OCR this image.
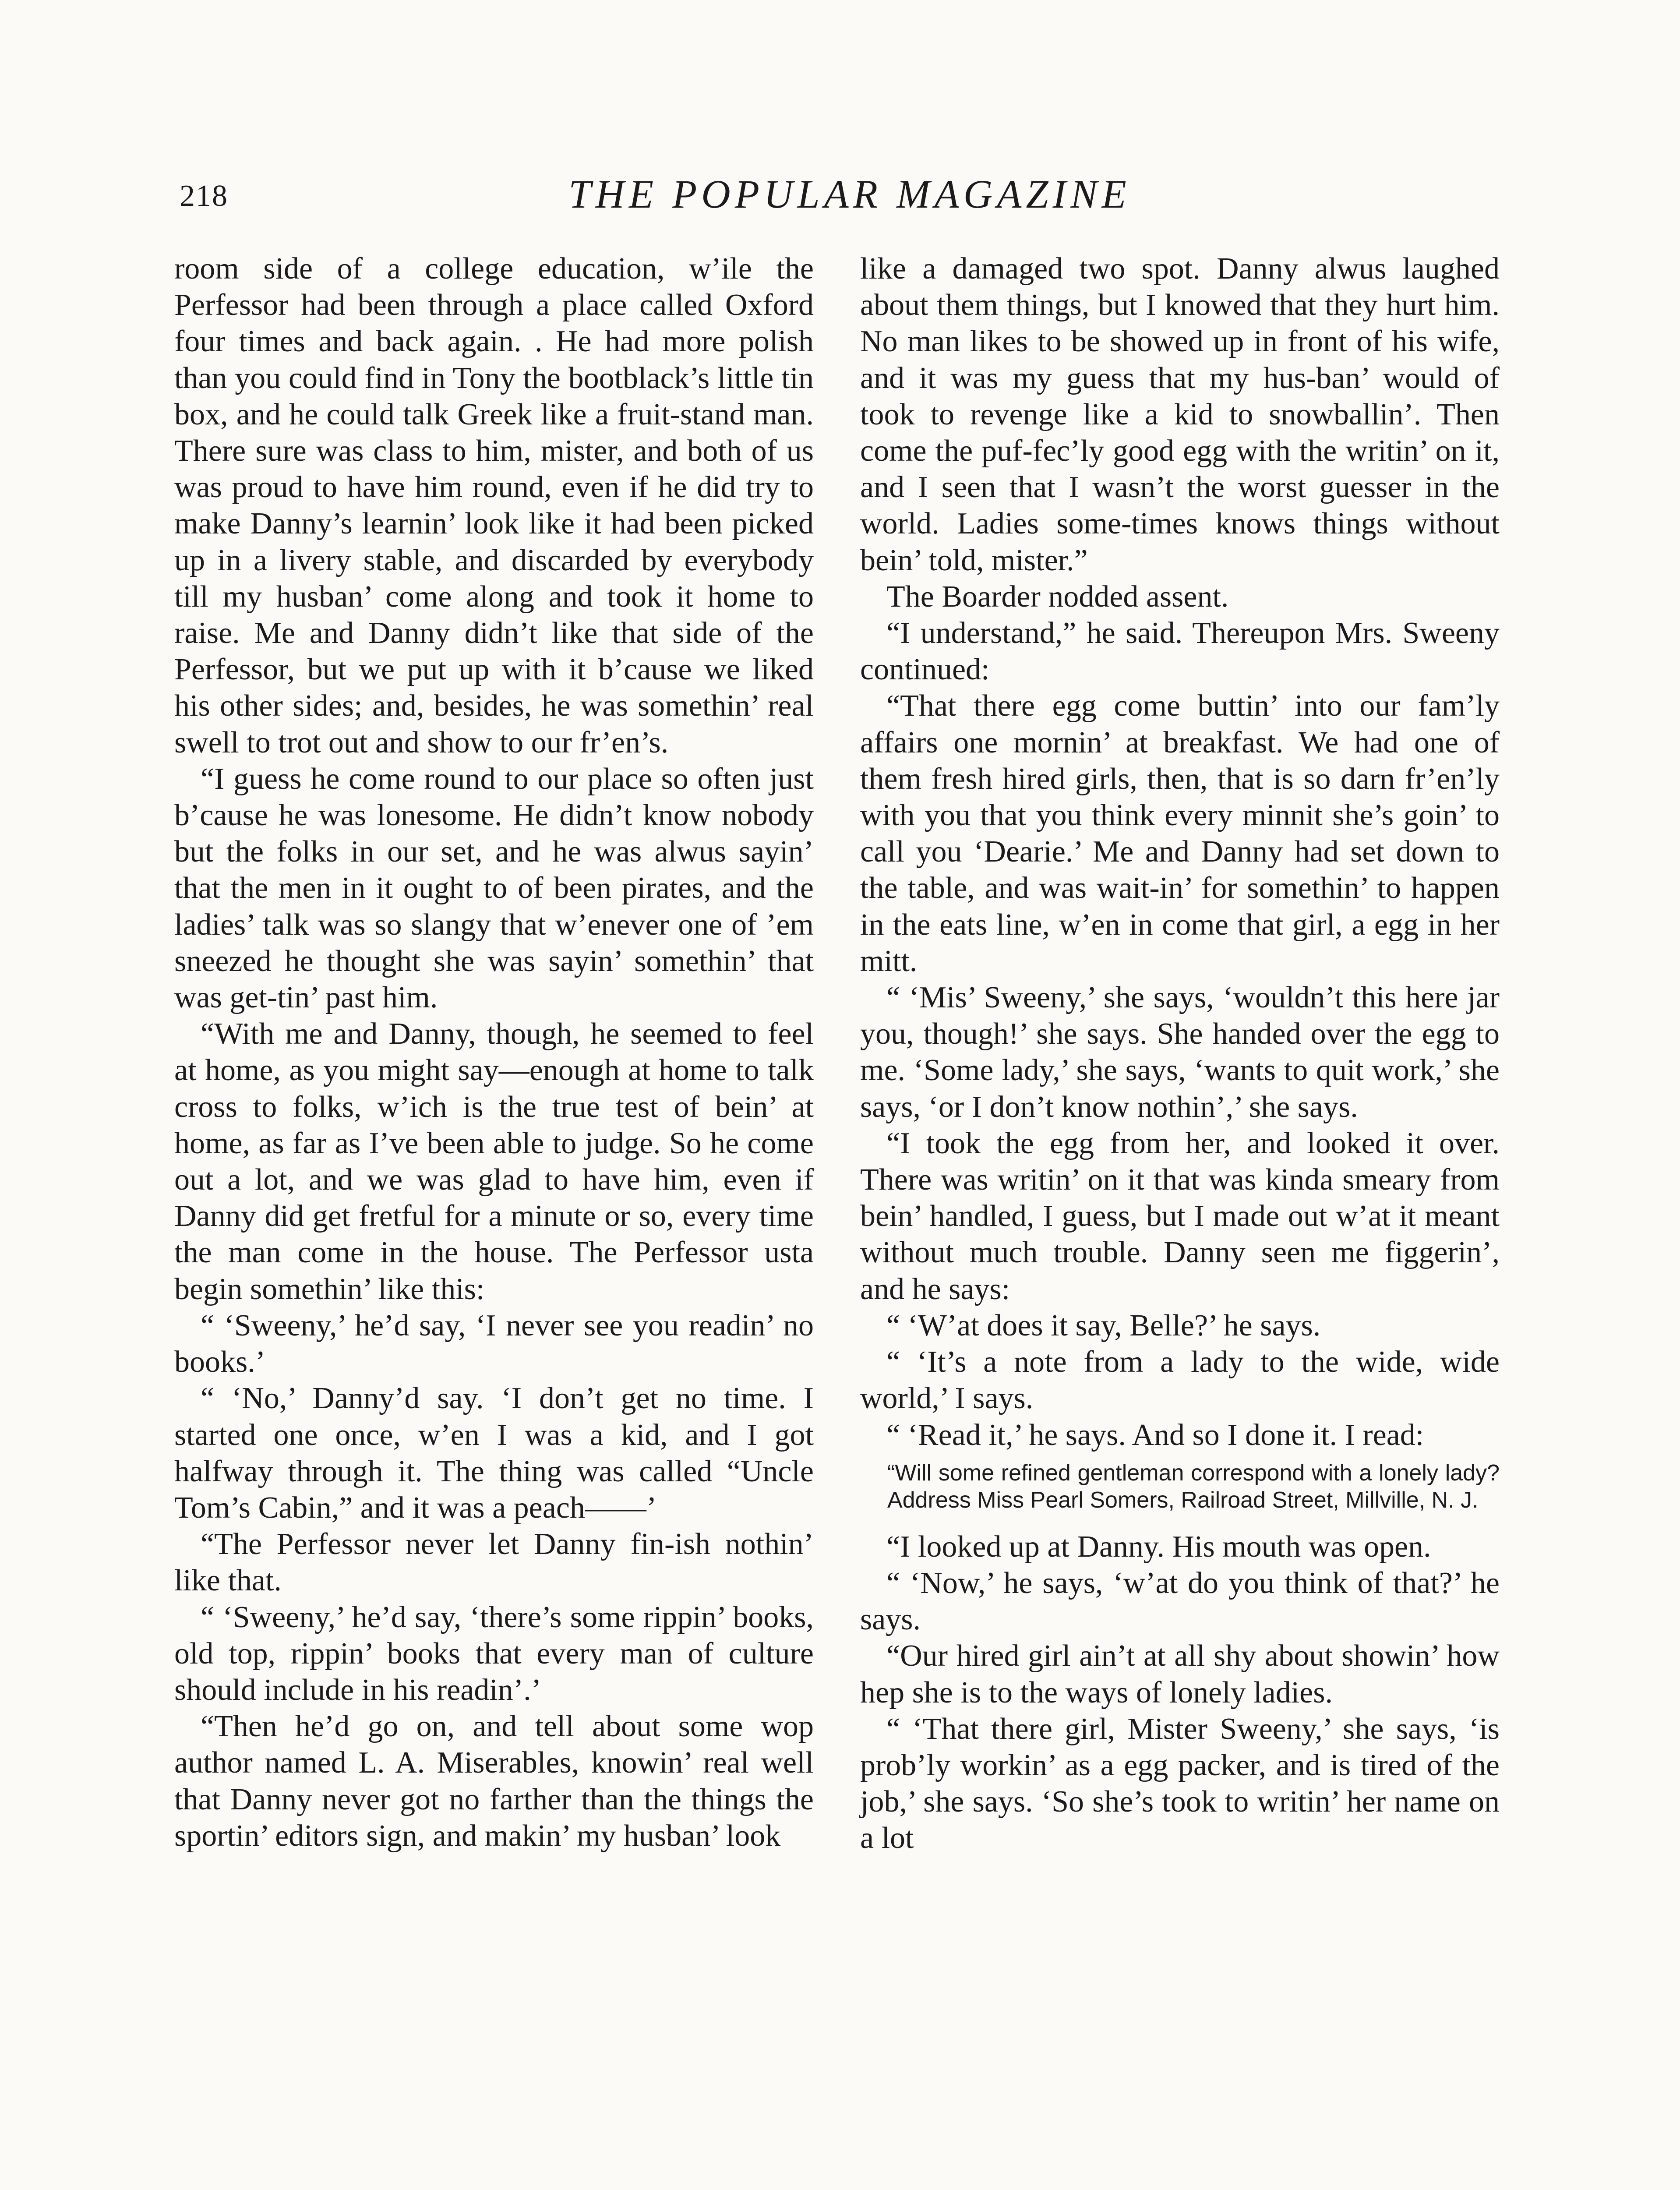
218	THE POPULAR MAGAZINE

room side of a college education, w’ile the Perfessor had been through a place called Oxford four times and back again. . He had more polish than you could find in Tony the bootblack’s little tin box, and he could talk Greek like a fruit-stand man. There sure was class to him, mister, and both of us was proud to have him round, even if he did try to make Danny’s learnin’ look like it had been picked up in a livery stable, and discarded by everybody till my husban’ come along and took it home to raise. Me and Danny didn’t like that side of the Perfessor, but we put up with it b’cause we liked his other sides; and, besides, he was somethin’ real swell to trot out and show to our fr’en’s.

“I guess he come round to our place so often just b’cause he was lonesome. He didn’t know nobody but the folks in our set, and he was alwus sayin’ that the men in it ought to of been pirates, and the ladies’ talk was so slangy that w’enever one of ’em sneezed he thought she was sayin’ somethin’ that was get-tin’ past him.

“With me and Danny, though, he seemed to feel at home, as you might say—enough at home to talk cross to folks, w’ich is the true test of bein’ at home, as far as I’ve been able to judge. So he come out a lot, and we was glad to have him, even if Danny did get fretful for a minute or so, every time the man come in the house. The Perfessor usta begin somethin’ like this:

“ ‘Sweeny,’ he’d say, ‘I never see you readin’ no books.’

“ ‘No,’ Danny’d say. ‘I don’t get no time. I started one once, w’en I was a kid, and I got halfway through it. The thing was called “Uncle Tom’s Cabin,” and it was a peach——’

“The Perfessor never let Danny fin-ish nothin’ like that.

“ ‘Sweeny,’ he’d say, ‘there’s some rippin’ books, old top, rippin’ books that every man of culture should include in his readin’.’

“Then he’d go on, and tell about some wop author named L. A. Miserables, knowin’ real well that Danny never got no farther than the things the sportin’ editors sign, and makin’ my husban’ look

like a damaged two spot. Danny alwus laughed about them things, but I knowed that they hurt him. No man likes to be showed up in front of his wife, and it was my guess that my hus-ban’ would of took to revenge like a kid to snowballin’. Then come the puf-fec’ly good egg with the writin’ on it, and I seen that I wasn’t the worst guesser in the world. Ladies some-times knows things without bein’ told, mister.”

The Boarder nodded assent.

“I understand,” he said. Thereupon Mrs. Sweeny continued:

“That there egg come buttin’ into our fam’ly affairs one mornin’ at breakfast. We had one of them fresh hired girls, then, that is so darn fr’en’ly with you that you think every minnit she’s goin’ to call you ‘Dearie.’ Me and Danny had set down to the table, and was wait-in’ for somethin’ to happen in the eats line, w’en in come that girl, a egg in her mitt.

“ ‘Mis’ Sweeny,’ she says, ‘wouldn’t this here jar you, though!’ she says. She handed over the egg to me. ‘Some lady,’ she says, ‘wants to quit work,’ she says, ‘or I don’t know nothin’,’ she says.

“I took the egg from her, and looked it over. There was writin’ on it that was kinda smeary from bein’ handled, I guess, but I made out w’at it meant without much trouble. Danny seen me figgerin’, and he says:

“ ‘W’at does it say, Belle?’ he says.

“ ‘It’s a note from a lady to the wide, wide world,’ I says.

“ ‘Read it,’ he says. And so I done it. I read:

“Will some refined gentleman correspond with a lonely lady? Address Miss Pearl Somers, Railroad Street, Millville, N. J.

“I looked up at Danny. His mouth was open.

“ ‘Now,’ he says, ‘w’at do you think of that?’ he says.

“Our hired girl ain’t at all shy about showin’ how hep she is to the ways of lonely ladies.

“ ‘That there girl, Mister Sweeny,’ she says, ‘is prob’ly workin’ as a egg packer, and is tired of the job,’ she says. ‘So she’s took to writin’ her name on a lot
